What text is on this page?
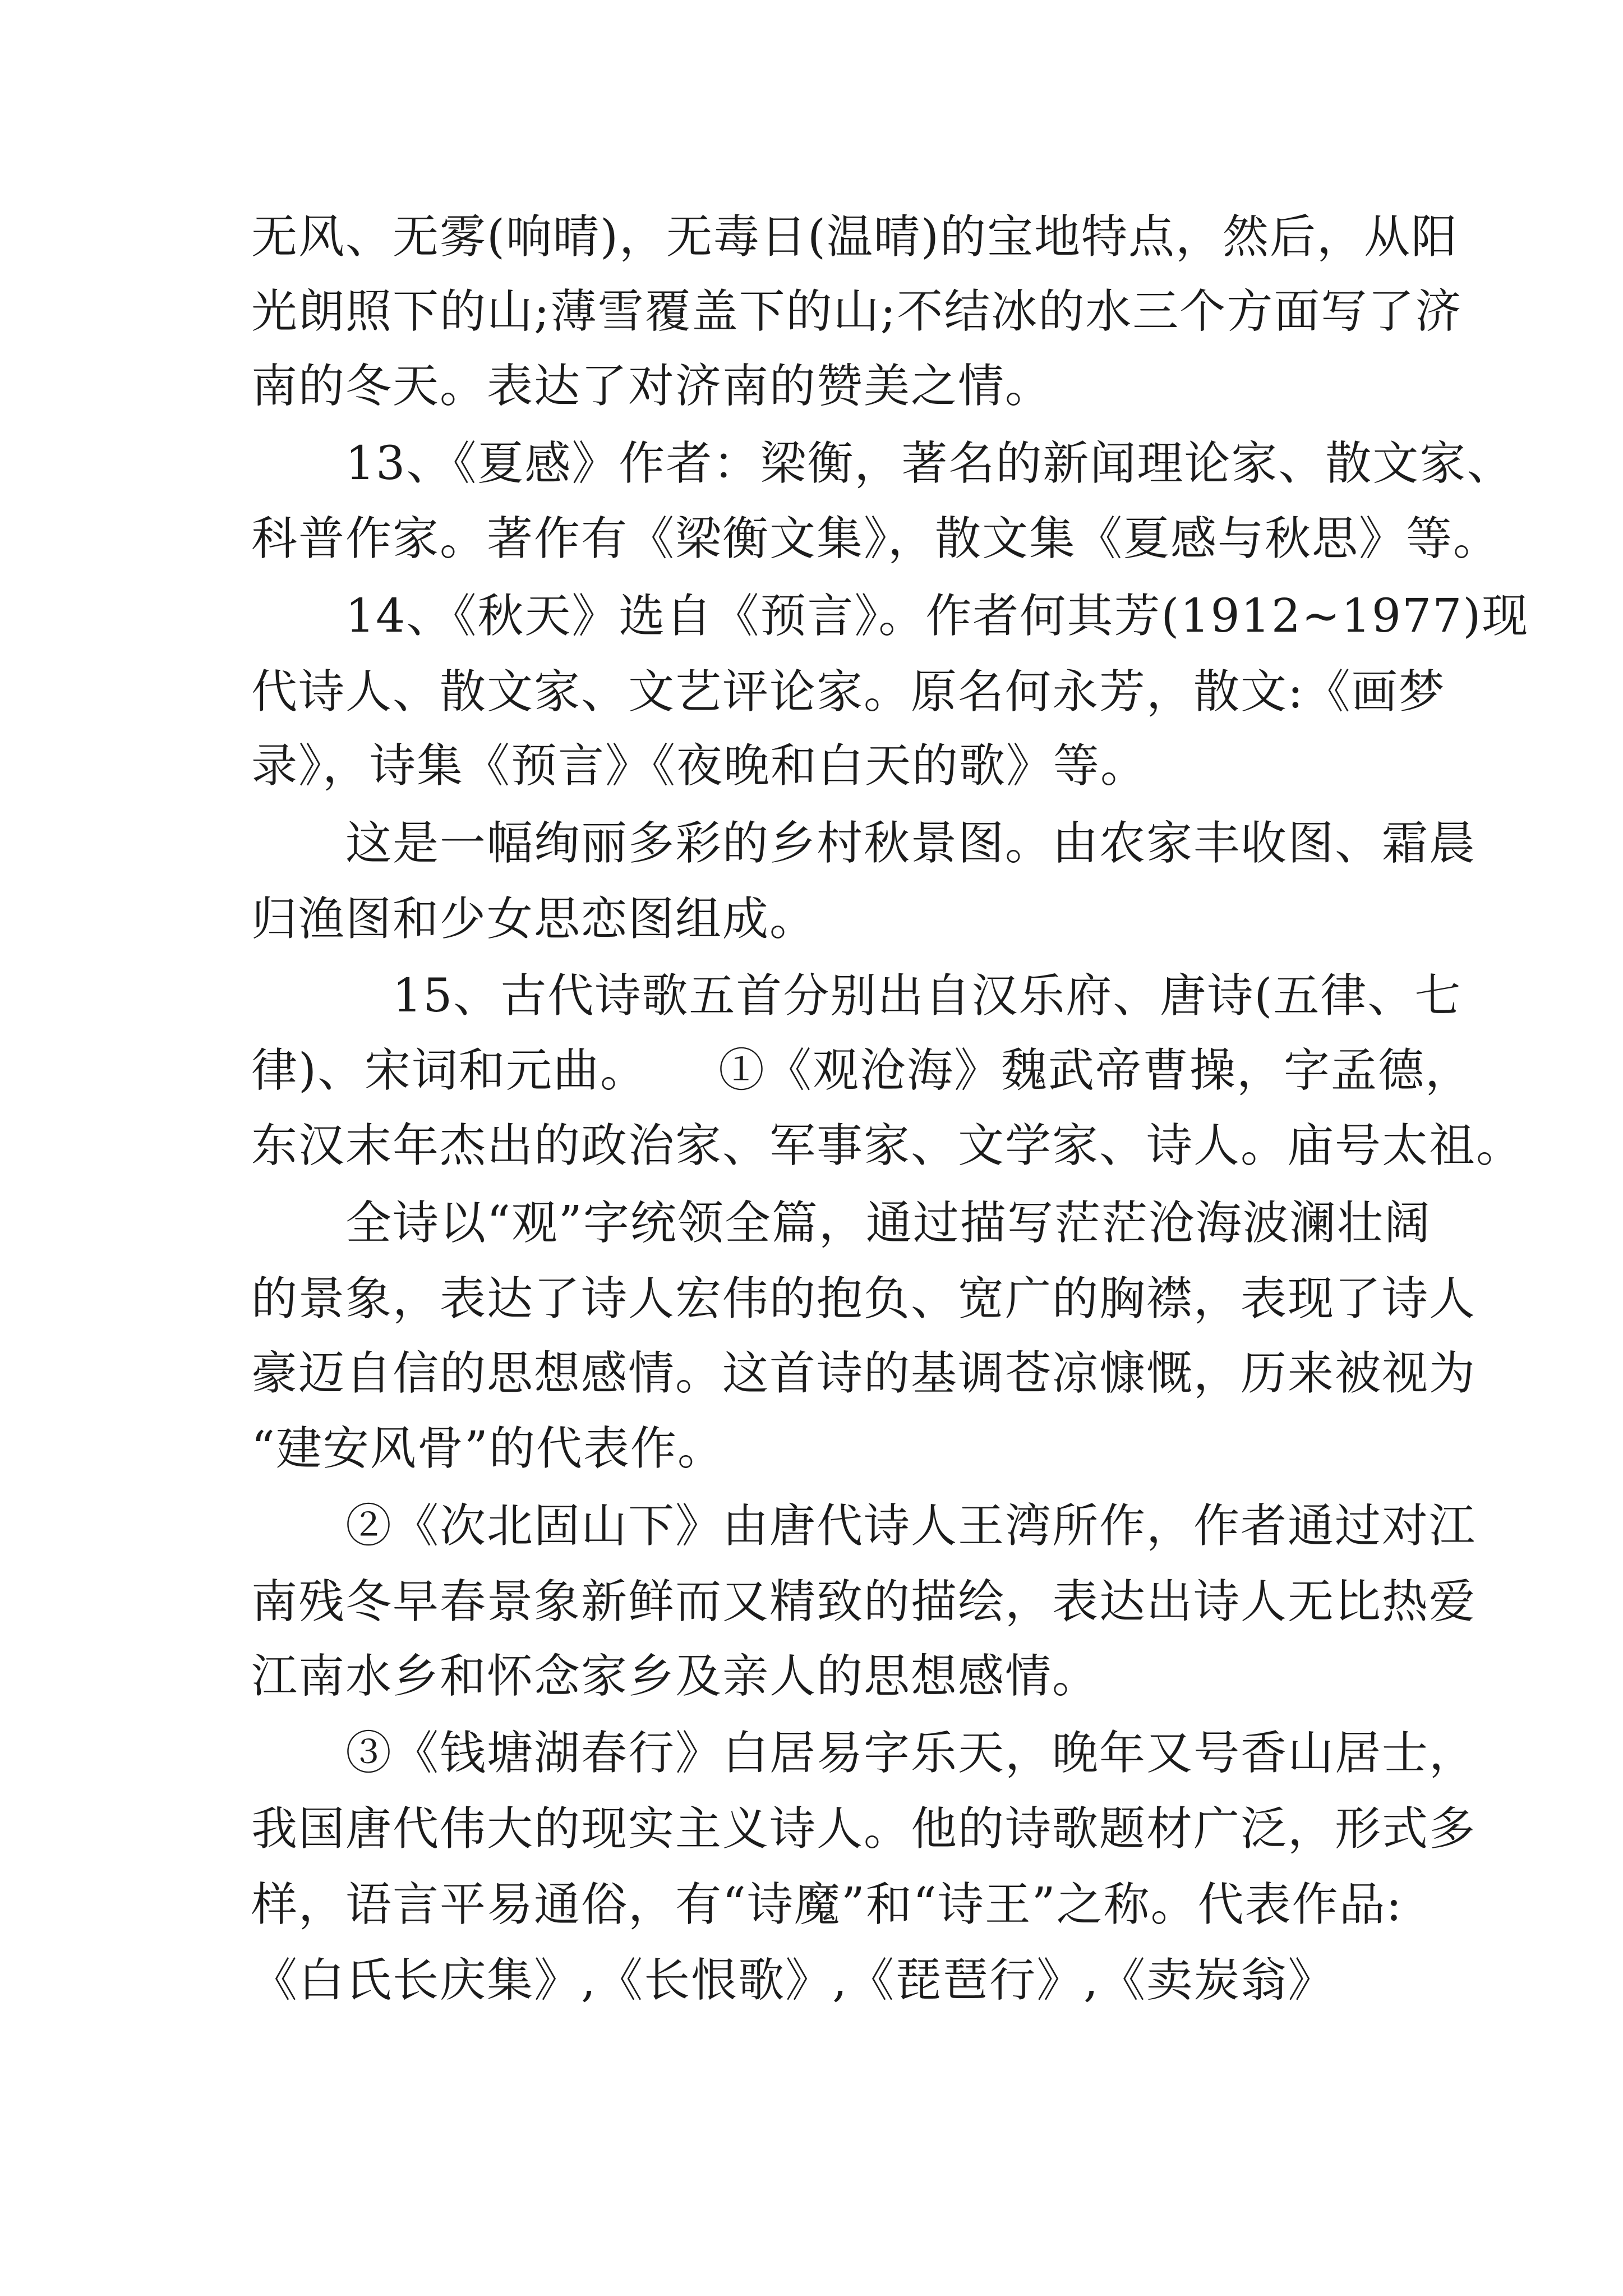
无风、无雾(响晴)，无毒日(温晴)的宝地特点，然后，从阳

光朗照下的山;薄雪覆盖下的山;不结冰的水三个方面写了济

南的冬天。表达了对济南的赞美之情。

　　13、《夏感》作者：梁衡，著名的新闻理论家、散文家、

科普作家。著作有《梁衡文集》，散文集《夏感与秋思》等。

　　14、《秋天》选自《预言》。作者何其芳(1912~1977)现

代诗人、散文家、文艺评论家。原名何永芳，散文:《画梦

录》，诗集《预言》《夜晚和白天的歌》等。

　　这是一幅绚丽多彩的乡村秋景图。由农家丰收图、霜晨

归渔图和少女思恋图组成。

　　　15、古代诗歌五首分别出自汉乐府、唐诗(五律、七

律)、宋词和元曲。　　①《观沧海》魏武帝曹操，字孟德，

东汉末年杰出的政治家、军事家、文学家、诗人。庙号太祖。

　　全诗以“观”字统领全篇，通过描写茫茫沧海波澜壮阔

的景象，表达了诗人宏伟的抱负、宽广的胸襟，表现了诗人

豪迈自信的思想感情。这首诗的基调苍凉慷慨，历来被视为

“建安风骨”的代表作。

　　②《次北固山下》由唐代诗人王湾所作，作者通过对江

南残冬早春景象新鲜而又精致的描绘，表达出诗人无比热爱

江南水乡和怀念家乡及亲人的思想感情。

　　③《钱塘湖春行》白居易字乐天，晚年又号香山居士，

我国唐代伟大的现实主义诗人。他的诗歌题材广泛，形式多

样，语言平易通俗，有“诗魔”和“诗王”之称。代表作品:

《白氏长庆集》,《长恨歌》,《琵琶行》,《卖炭翁》
